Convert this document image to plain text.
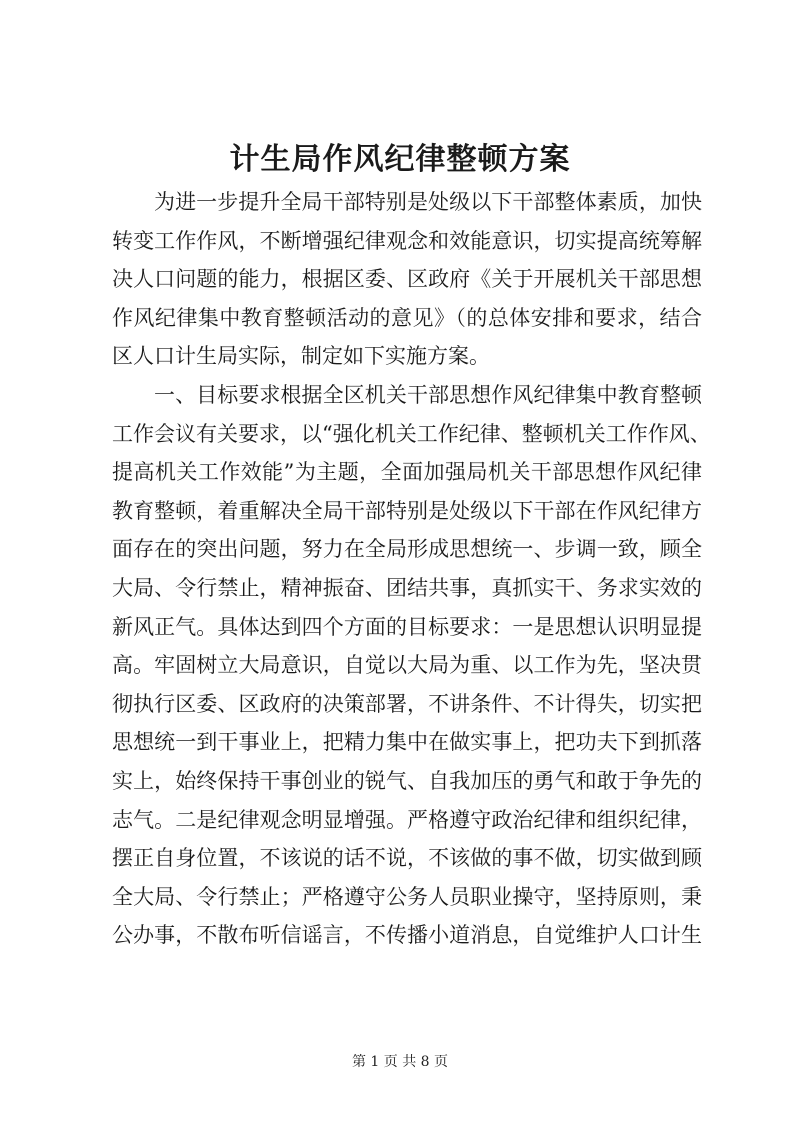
计生局作风纪律整顿方案
为进一步提升全局干部特别是处级以下干部整体素质，加快
转变工作作风，不断增强纪律观念和效能意识，切实提高统筹解
决人口问题的能力，根据区委、区政府《关于开展机关干部思想
作风纪律集中教育整顿活动的意见》（的总体安排和要求，结合
区人口计生局实际，制定如下实施方案。
一、目标要求根据全区机关干部思想作风纪律集中教育整顿
工作会议有关要求，以“强化机关工作纪律、整顿机关工作作风、
提高机关工作效能”为主题，全面加强局机关干部思想作风纪律
教育整顿，着重解决全局干部特别是处级以下干部在作风纪律方
面存在的突出问题，努力在全局形成思想统一、步调一致，顾全
大局、令行禁止，精神振奋、团结共事，真抓实干、务求实效的
新风正气。具体达到四个方面的目标要求：一是思想认识明显提
高。牢固树立大局意识，自觉以大局为重、以工作为先，坚决贯
彻执行区委、区政府的决策部署，不讲条件、不计得失，切实把
思想统一到干事业上，把精力集中在做实事上，把功夫下到抓落
实上，始终保持干事创业的锐气、自我加压的勇气和敢于争先的
志气。二是纪律观念明显增强。严格遵守政治纪律和组织纪律，
摆正自身位置，不该说的话不说，不该做的事不做，切实做到顾
全大局、令行禁止；严格遵守公务人员职业操守，坚持原则，秉
公办事，不散布听信谣言，不传播小道消息，自觉维护人口计生
第 1 页 共 8 页
